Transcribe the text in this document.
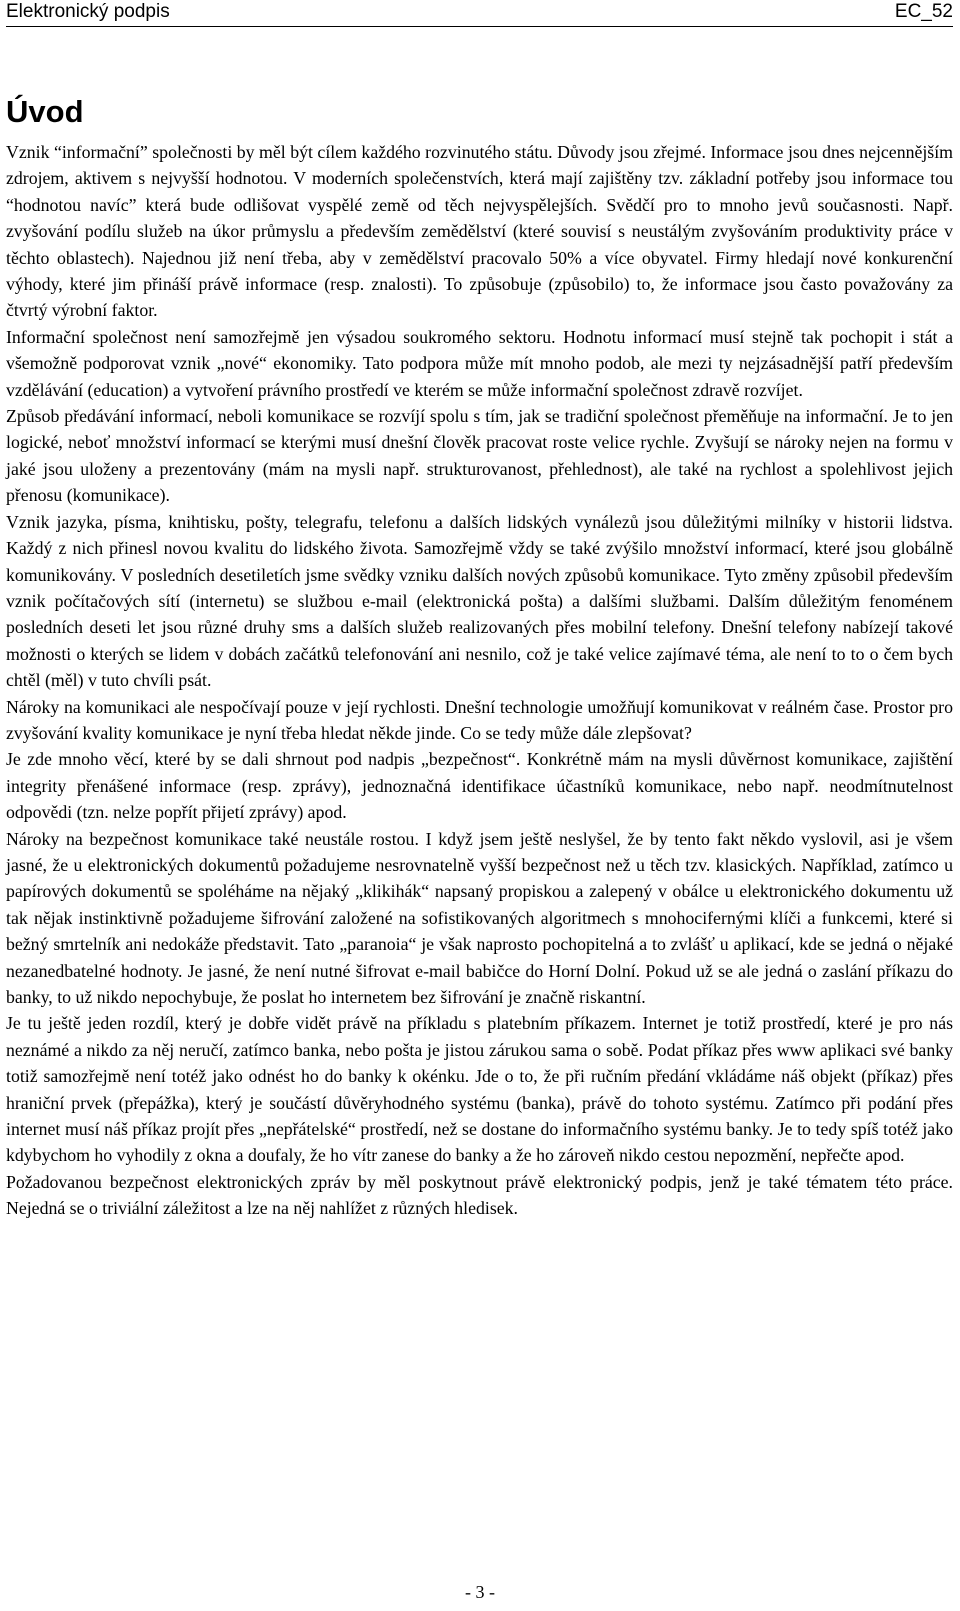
Elektronický podpis	EC_52
Úvod

Vznik “informační” společnosti by měl být cílem každého rozvinutého státu. Důvody jsou zřejmé. Informace jsou dnes nejcennějším zdrojem, aktivem s nejvyšší hodnotou. V moderních společenstvích, která mají zajištěny tzv. základní potřeby jsou informace tou “hodnotou navíc” která bude odlišovat vyspělé země od těch nejvyspělejších. Svědčí pro to mnoho jevů současnosti. Např. zvyšování podílu služeb na úkor průmyslu a především zemědělství (které souvisí s neustálým zvyšováním produktivity práce v těchto oblastech). Najednou již není třeba, aby v zemědělství pracovalo 50% a více obyvatel. Firmy hledají nové konkurenční výhody, které jim přináší právě informace (resp. znalosti). To způsobuje (způsobilo) to, že informace jsou často považovány za čtvrtý výrobní faktor.

Informační společnost není samozřejmě jen výsadou soukromého sektoru. Hodnotu informací musí stejně tak pochopit i stát a všemožně podporovat vznik „nové“ ekonomiky. Tato podpora může mít mnoho podob, ale mezi ty nejzásadnější patří především vzdělávání (education) a vytvoření právního prostředí ve kterém se může informační společnost zdravě rozvíjet.

Způsob předávání informací, neboli komunikace se rozvíjí spolu s tím, jak se tradiční společnost přeměňuje na informační. Je to jen logické, neboť množství informací se kterými musí dnešní člověk pracovat roste velice rychle. Zvyšují se nároky nejen na formu v jaké jsou uloženy a prezentovány (mám na mysli např. strukturovanost, přehlednost), ale také na rychlost a spolehlivost jejich přenosu (komunikace).

Vznik jazyka, písma, knihtisku, pošty, telegrafu, telefonu a dalších lidských vynálezů jsou důležitými milníky v historii lidstva. Každý z nich přinesl novou kvalitu do lidského života. Samozřejmě vždy se také zvýšilo množství informací, které jsou globálně komunikovány. V posledních desetiletích jsme svědky vzniku dalších nových způsobů komunikace. Tyto změny způsobil především vznik počítačových sítí (internetu) se službou e-mail (elektronická pošta) a dalšími službami. Dalším důležitým fenoménem posledních deseti let jsou různé druhy sms a dalších služeb realizovaných přes mobilní telefony. Dnešní telefony nabízejí takové možnosti o kterých se lidem v dobách začátků telefonování ani nesnilo, což je také velice zajímavé téma, ale není to to o čem bych chtěl (měl) v tuto chvíli psát.

Nároky na komunikaci ale nespočívají pouze v její rychlosti. Dnešní technologie umožňují komunikovat v reálném čase. Prostor pro zvyšování kvality komunikace je nyní třeba hledat někde jinde. Co se tedy může dále zlepšovat?

Je zde mnoho věcí, které by se dali shrnout pod nadpis „bezpečnost“. Konkrétně mám na mysli důvěrnost komunikace, zajištění integrity přenášené informace (resp. zprávy), jednoznačná identifikace účastníků komunikace, nebo např. neodmítnutelnost odpovědi (tzn. nelze popřít přijetí zprávy) apod.

Nároky na bezpečnost komunikace také neustále rostou. I když jsem ještě neslyšel, že by tento fakt někdo vyslovil, asi je všem jasné, že u elektronických dokumentů požadujeme nesrovnatelně vyšší bezpečnost než u těch tzv. klasických. Například, zatímco u papírových dokumentů se spoléháme na nějaký „klikihák“ napsaný propiskou a zalepený v obálce u elektronického dokumentu už tak nějak instinktivně požadujeme šifrování založené na sofistikovaných algoritmech s mnohocifernými klíči a funkcemi, které si bežný smrtelník ani nedokáže představit. Tato „paranoia“ je však naprosto pochopitelná a to zvlášť u aplikací, kde se jedná o nějaké nezanedbatelné hodnoty. Je jasné, že není nutné šifrovat e-mail babičce do Horní Dolní. Pokud už se ale jedná o zaslání příkazu do banky, to už nikdo nepochybuje, že poslat ho internetem bez šifrování je značně riskantní.

Je tu ještě jeden rozdíl, který je dobře vidět právě na příkladu s platebním příkazem. Internet je totiž prostředí, které je pro nás neznámé a nikdo za něj neručí, zatímco banka, nebo pošta je jistou zárukou sama o sobě. Podat příkaz přes www aplikaci své banky totiž samozřejmě není totéž jako odnést ho do banky k okénku. Jde o to, že při ručním předání vkládáme náš objekt (příkaz) přes hraniční prvek (přepážka), který je součástí důvěryhodného systému (banka), právě do tohoto systému. Zatímco při podání přes internet musí náš příkaz projít přes „nepřátelské“ prostředí, než se dostane do informačního systému banky. Je to tedy spíš totéž jako kdybychom ho vyhodily z okna a doufaly, že ho vítr zanese do banky a že ho zároveň nikdo cestou nepozmění, nepřečte apod.

Požadovanou bezpečnost elektronických zpráv by měl poskytnout právě elektronický podpis, jenž je také tématem této práce. Nejedná se o triviální záležitost a lze na něj nahlížet z různých hledisek.

- 3 -
